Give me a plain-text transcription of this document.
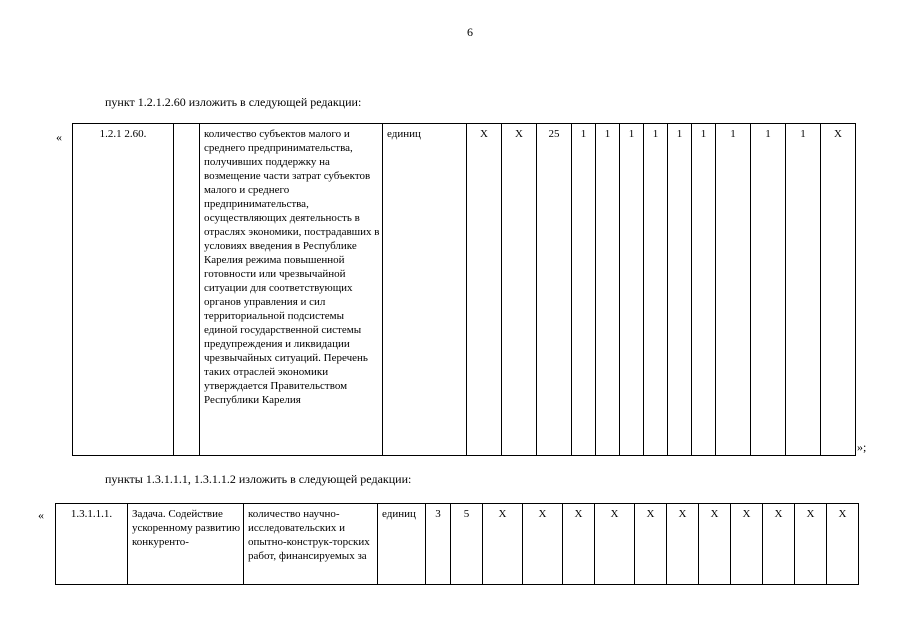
6
пункт 1.2.1.2.60 изложить в следующей редакции:
«	1.2.1 2.60.		количество субъектов малого и среднего предпринимательства, получивших поддержку на возмещение части затрат субъектов малого и среднего предпринимательства, осуществляющих деятельность в отраслях экономики, пострадавших в условиях введения в Республике Карелия режима повышенной готовности или чрезвычайной ситуации для соответствующих органов управления и сил территориальной подсистемы единой государственной системы предупреждения и ликвидации чрезвычайных ситуаций. Перечень таких отраслей экономики утверждается Правительством Республики Карелия	единиц	X	X	25	1	1	1	1	1	1	1	1	1	X
»;
пункты 1.3.1.1.1, 1.3.1.1.2 изложить в следующей редакции:
« 1.3.1.1.1.	Задача. Содействие ускоренному развитию конкуренто-	количество научно-исследовательских и опытно-конструк-торских работ, финансируемых за	единиц	3	5	X	X	X	X	X	X	X	X	X	X	X
